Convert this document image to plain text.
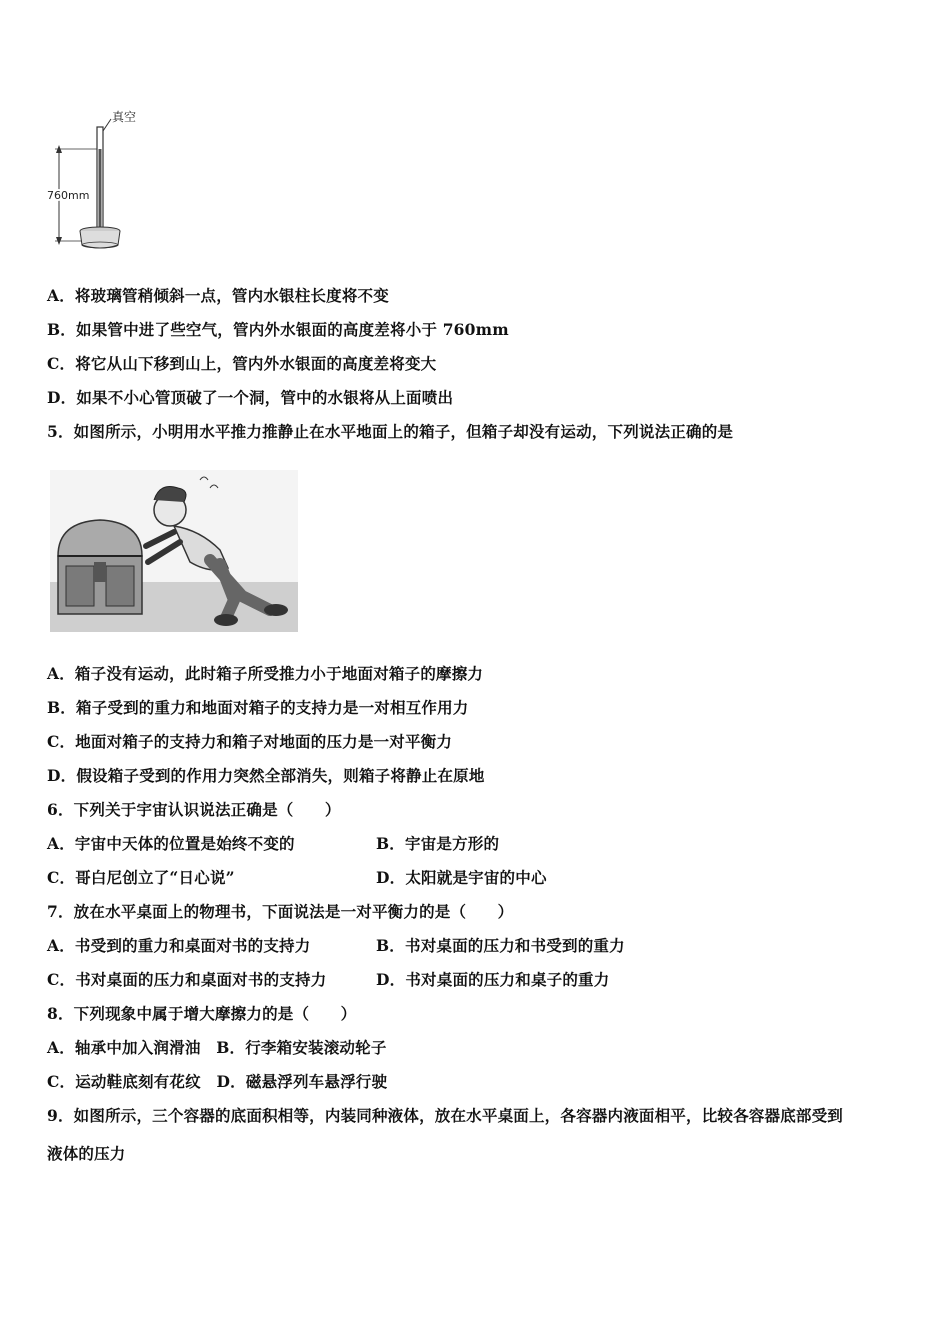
真空
760mm
A．将玻璃管稍倾斜一点，管内水银柱长度将不变
B．如果管中进了些空气，管内外水银面的高度差将小于 760mm
C．将它从山下移到山上，管内外水银面的高度差将变大
D．如果不小心管顶破了一个洞，管中的水银将从上面喷出
5．如图所示，小明用水平推力推静止在水平地面上的箱子，但箱子却没有运动，下列说法正确的是
A．箱子没有运动，此时箱子所受推力小于地面对箱子的摩擦力
B．箱子受到的重力和地面对箱子的支持力是一对相互作用力
C．地面对箱子的支持力和箱子对地面的压力是一对平衡力
D．假设箱子受到的作用力突然全部消失，则箱子将静止在原地
6．下列关于宇宙认识说法正确是（　　）
A．宇宙中天体的位置是始终不变的	B．宇宙是方形的
C．哥白尼创立了“日心说”	D．太阳就是宇宙的中心
7．放在水平桌面上的物理书，下面说法是一对平衡力的是（　　）
A．书受到的重力和桌面对书的支持力	B．书对桌面的压力和书受到的重力
C．书对桌面的压力和桌面对书的支持力	D．书对桌面的压力和桌子的重力
8．下列现象中属于增大摩擦力的是（　　）
A．轴承中加入润滑油　B．行李箱安装滚动轮子
C．运动鞋底刻有花纹　D．磁悬浮列车悬浮行驶
9．如图所示，三个容器的底面积相等，内装同种液体，放在水平桌面上，各容器内液面相平，比较各容器底部受到
液体的压力
